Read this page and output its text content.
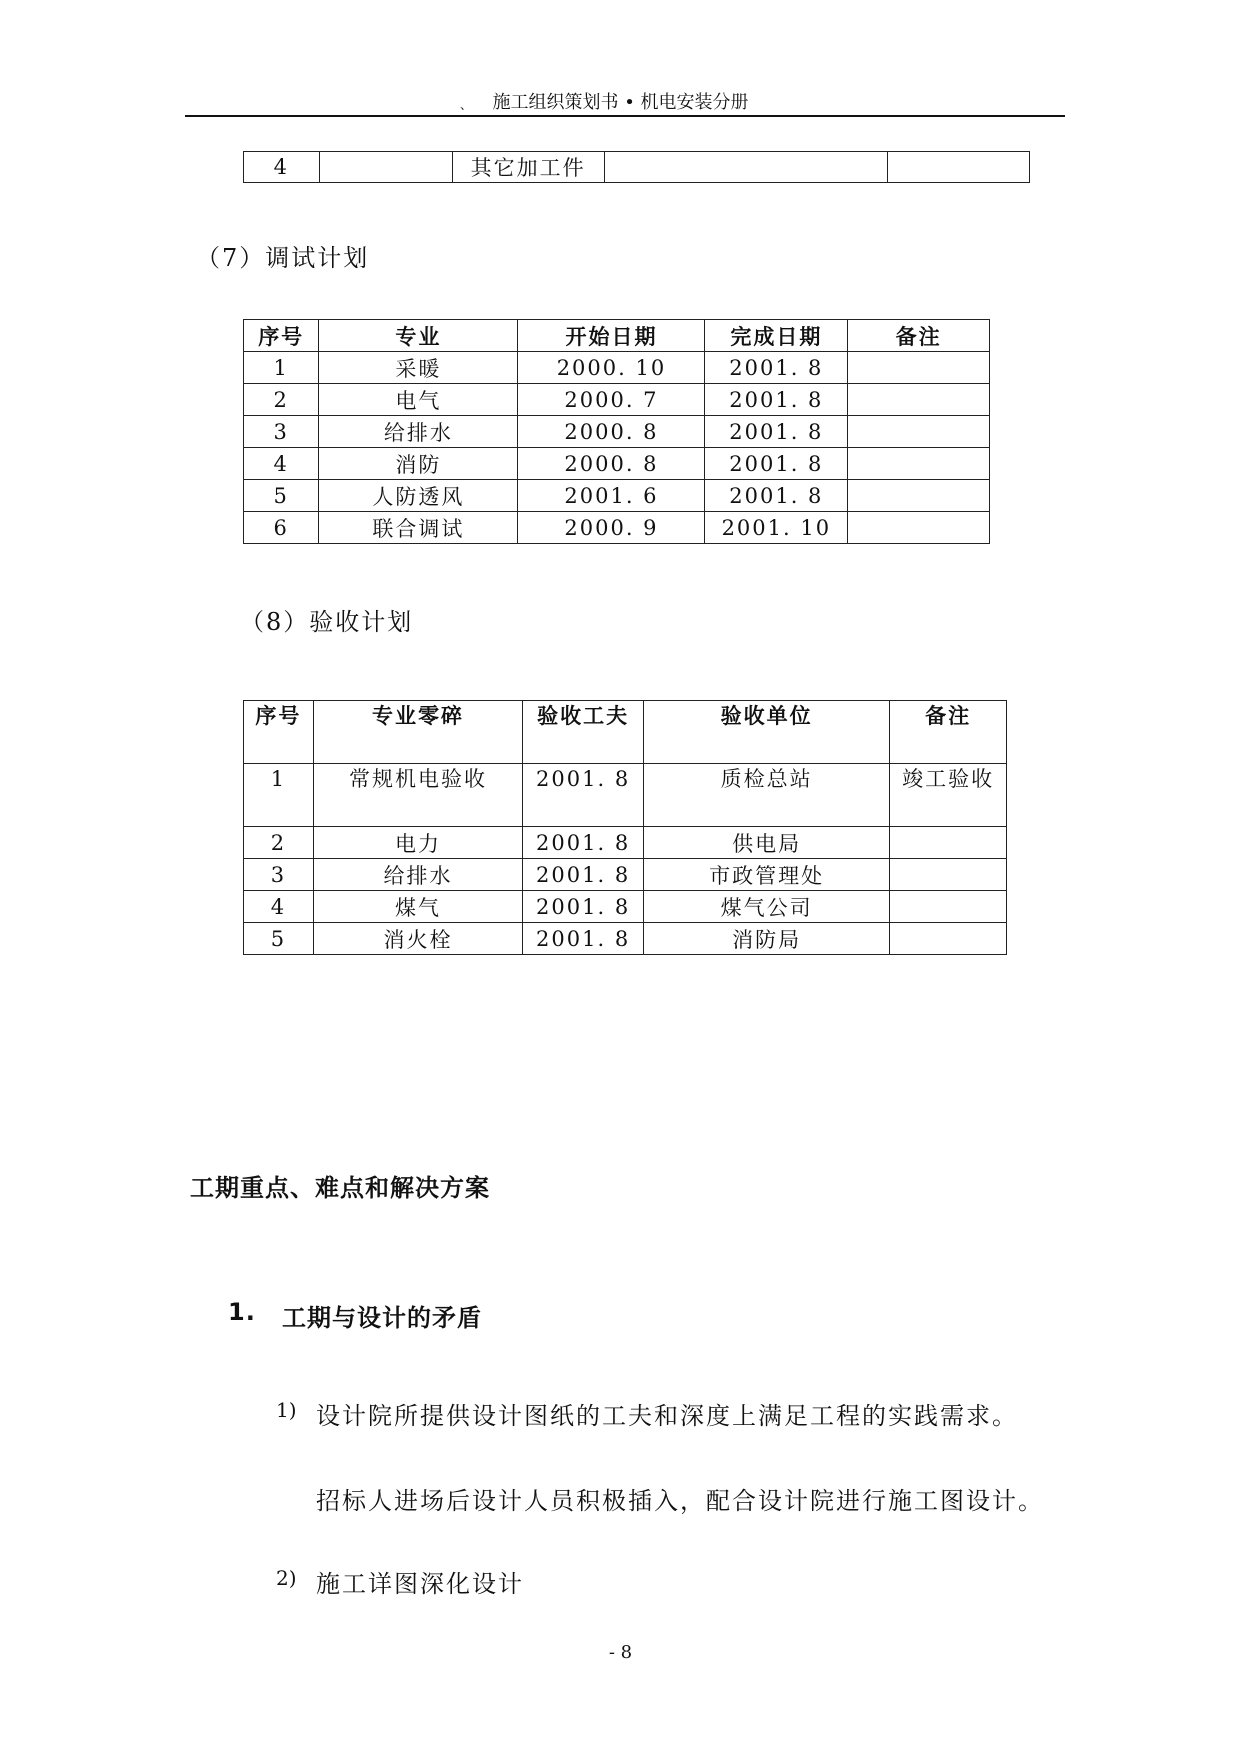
、	施工组织策划书 • 机电安装分册
4		其它加工件		
（7）调试计划
序号	专业	开始日期	完成日期	备注
1	采暖	2000. 10	2001. 8	
2	电气	2000. 7	2001. 8	
3	给排水	2000. 8	2001. 8	
4	消防	2000. 8	2001. 8	
5	人防透风	2001. 6	2001. 8	
6	联合调试	2000. 9	2001. 10	
（8）验收计划
序号	专业零碎	验收工夫	验收单位	备注
1	常规机电验收	2001. 8	质检总站	竣工验收
2	电力	2001. 8	供电局	
3	给排水	2001. 8	市政管理处	
4	煤气	2001. 8	煤气公司	
5	消火栓	2001. 8	消防局	
工期重点、难点和解决方案
1. 工期与设计的矛盾
1) 设计院所提供设计图纸的工夫和深度上满足工程的实践需求。
招标人进场后设计人员积极插入，配合设计院进行施工图设计。
2) 施工详图深化设计
- 8
